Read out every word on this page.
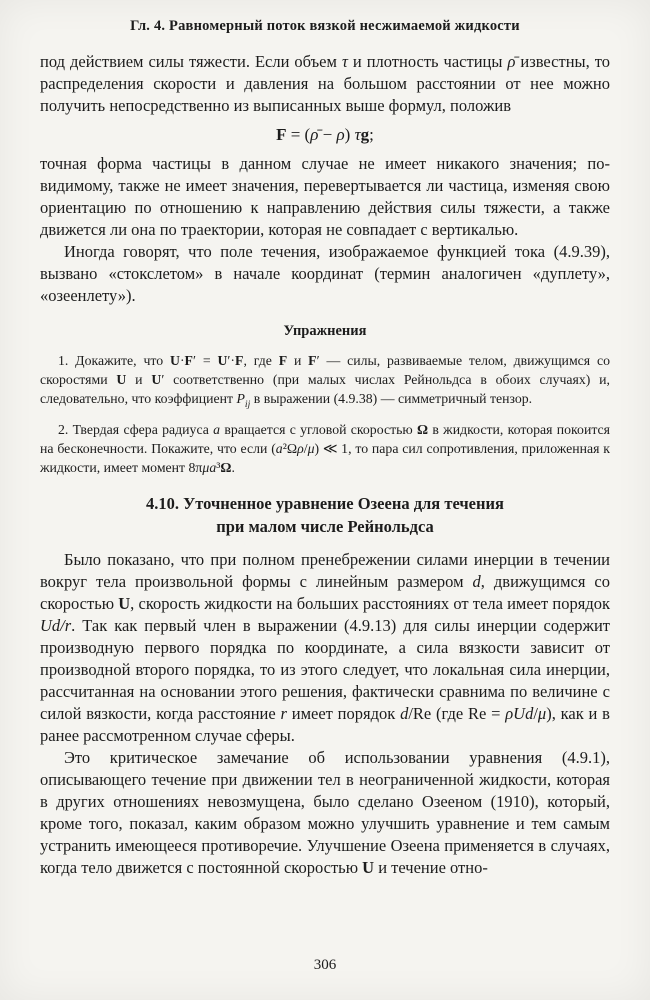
Гл. 4. Равномерный поток вязкой несжимаемой жидкости

под действием силы тяжести. Если объем τ и плотность частицы ρ̄ известны, то распределения скорости и давления на большом расстоянии от нее можно получить непосредственно из выписанных выше формул, положив

F = (ρ̄ − ρ) τg;

точная форма частицы в данном случае не имеет никакого значения; по-видимому, также не имеет значения, перевертывается ли частица, изменяя свою ориентацию по отношению к направлению действия силы тяжести, а также движется ли она по траектории, которая не совпадает с вертикалью.

Иногда говорят, что поле течения, изображаемое функцией тока (4.9.39), вызвано «стокслетом» в начале координат (термин аналогичен «дуплету», «озеенлету»).

Упражнения

1. Докажите, что U·F′ = U′·F, где F и F′ — силы, развиваемые телом, движущимся со скоростями U и U′ соответственно (при малых числах Рейнольдса в обоих случаях) и, следовательно, что коэффициент $P_{ij}$ в выражении (4.9.38) — симметричный тензор.

2. Твердая сфера радиуса a вращается с угловой скоростью Ω в жидкости, которая покоится на бесконечности. Покажите, что если (a²Ωρ/μ) ≪ 1, то пара сил сопротивления, приложенная к жидкости, имеет момент 8πμa³Ω.

4.10. Уточненное уравнение Озеена для течения
при малом числе Рейнольдса

Было показано, что при полном пренебрежении силами инерции в течении вокруг тела произвольной формы с линейным размером d, движущимся со скоростью U, скорость жидкости на больших расстояниях от тела имеет порядок Ud/r. Так как первый член в выражении (4.9.13) для силы инерции содержит производную первого порядка по координате, а сила вязкости зависит от производной второго порядка, то из этого следует, что локальная сила инерции, рассчитанная на основании этого решения, фактически сравнима по величине с силой вязкости, когда расстояние r имеет порядок d/Re (где Re = ρUd/μ), как и в ранее рассмотренном случае сферы.

Это критическое замечание об использовании уравнения (4.9.1), описывающего течение при движении тел в неограниченной жидкости, которая в других отношениях невозмущена, было сделано Озееном (1910), который, кроме того, показал, каким образом можно улучшить уравнение и тем самым устранить имеющееся противоречие. Улучшение Озеена применяется в случаях, когда тело движется с постоянной скоростью U и течение отно-

306
